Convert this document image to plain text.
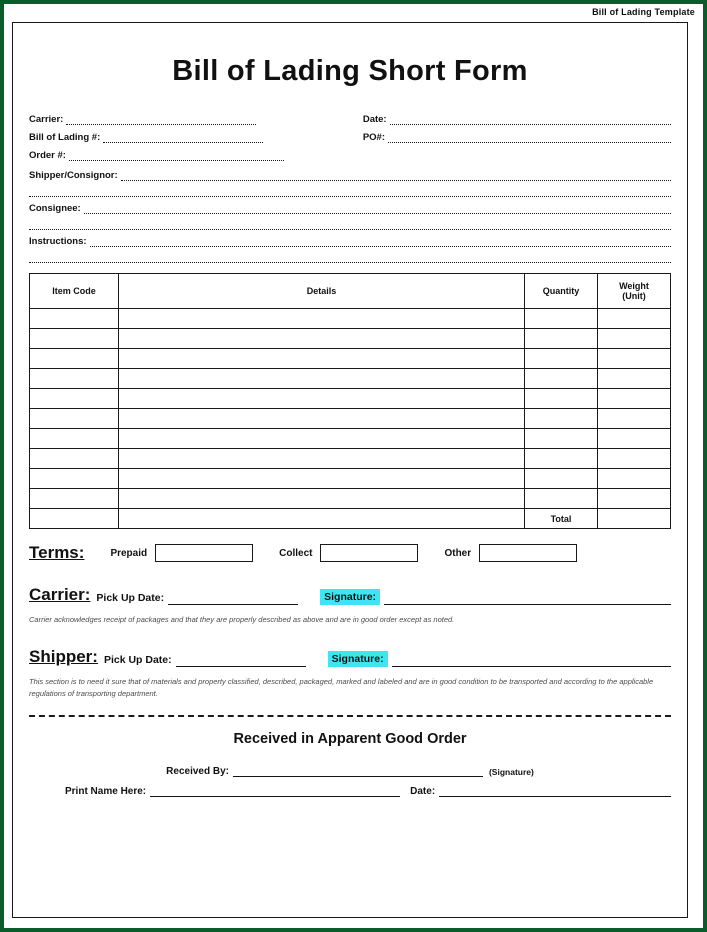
Bill of Lading Template
Bill of Lading Short Form
Carrier:
Bill of Lading #:
Order #:
Date:
PO#:
Shipper/Consignor:
Consignee:
Instructions:
Item Code	Details	Quantity	Weight
(Unit)

		Total	
Terms:	Prepaid	Collect	Other
Carrier: Pick Up Date:	Signature:
Carrier acknowledges receipt of packages and that they are properly described as above and are in good order except as noted.
Shipper: Pick Up Date:	Signature:
This section is to need it sure that of materials and property classified, described, packaged, marked and labeled and are in good condition to be transported and according to the applicable regulations of transporting department.
Received in Apparent Good Order
Received By:	(Signature)
Print Name Here:	Date:
